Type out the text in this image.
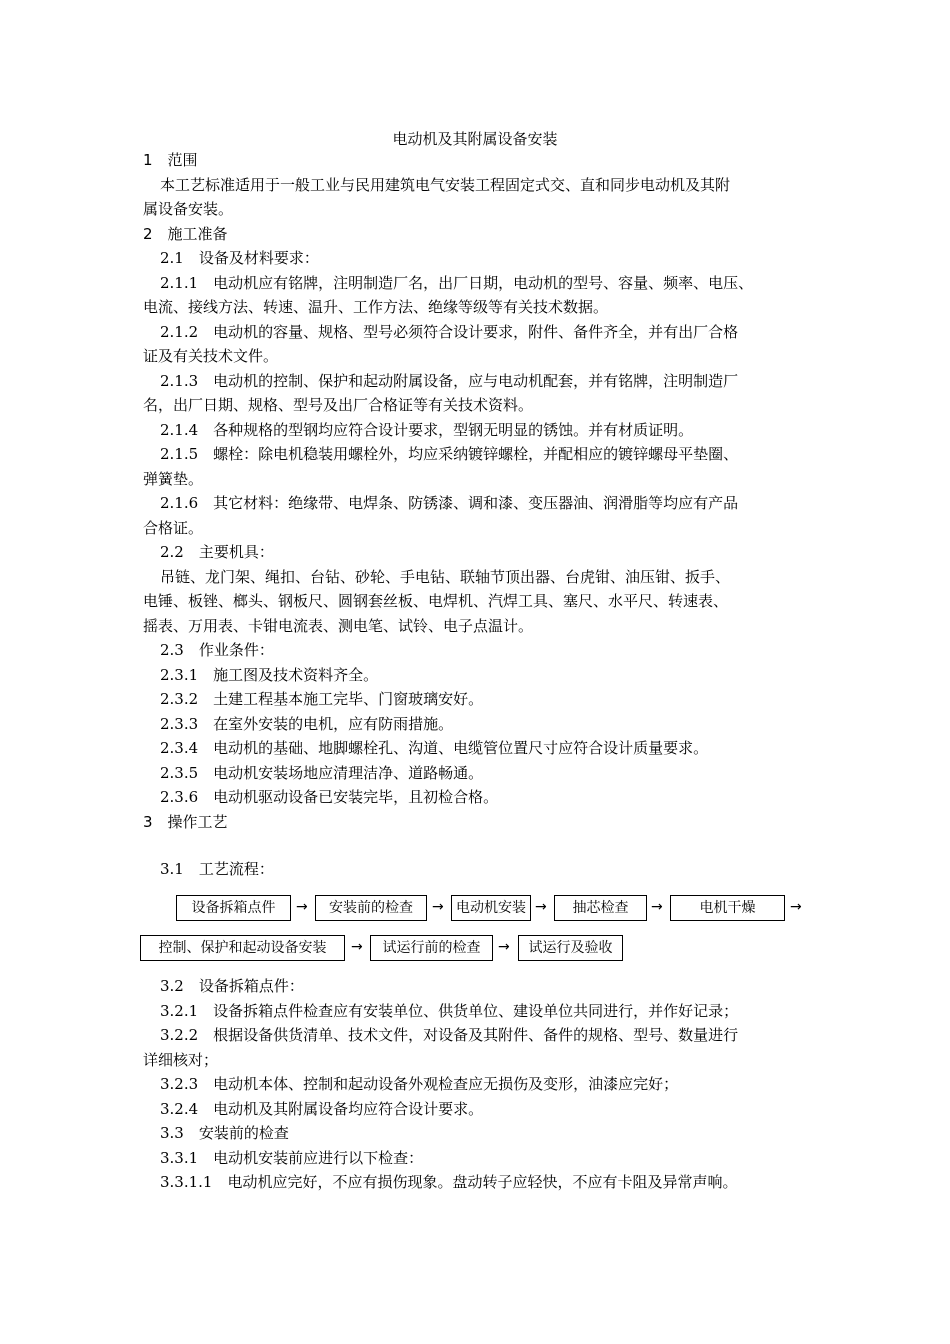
电动机及其附属设备安装
1　范围
本工艺标准适用于一般工业与民用建筑电气安装工程固定式交、直和同步电动机及其附
属设备安装。
2　施工准备
2.1　设备及材料要求：
2.1.1　电动机应有铭牌，注明制造厂名，出厂日期，电动机的型号、容量、频率、电压、
电流、接线方法、转速、温升、工作方法、绝缘等级等有关技术数据。
2.1.2　电动机的容量、规格、型号必须符合设计要求，附件、备件齐全，并有出厂合格
证及有关技术文件。
2.1.3　电动机的控制、保护和起动附属设备，应与电动机配套，并有铭牌，注明制造厂
名，出厂日期、规格、型号及出厂合格证等有关技术资料。
2.1.4　各种规格的型钢均应符合设计要求，型钢无明显的锈蚀。并有材质证明。
2.1.5　螺栓：除电机稳装用螺栓外，均应采纳镀锌螺栓，并配相应的镀锌螺母平垫圈、
弹簧垫。
2.1.6　其它材料：绝缘带、电焊条、防锈漆、调和漆、变压器油、润滑脂等均应有产品
合格证。
2.2　主要机具：
吊链、龙门架、绳扣、台钻、砂轮、手电钻、联轴节顶出器、台虎钳、油压钳、扳手、
电锤、板锉、榔头、钢板尺、圆钢套丝板、电焊机、汽焊工具、塞尺、水平尺、转速表、
摇表、万用表、卡钳电流表、测电笔、试铃、电子点温计。
2.3　作业条件：
2.3.1　施工图及技术资料齐全。
2.3.2　土建工程基本施工完毕、门窗玻璃安好。
2.3.3　在室外安装的电机，应有防雨措施。
2.3.4　电动机的基础、地脚螺栓孔、沟道、电缆管位置尺寸应符合设计质量要求。
2.3.5　电动机安装场地应清理洁净、道路畅通。
2.3.6　电动机驱动设备已安装完毕，且初检合格。
3　操作工艺
3.1　工艺流程：
设备拆箱点件	→	安装前的检查	→ 电动机安装 →	抽芯检查	→	电机干燥	→
控制、保护和起动设备安装	→	试运行前的检查	→	试运行及验收
3.2　设备拆箱点件：
3.2.1　设备拆箱点件检查应有安装单位、供货单位、建设单位共同进行，并作好记录；
3.2.2　根据设备供货清单、技术文件，对设备及其附件、备件的规格、型号、数量进行
详细核对；
3.2.3　电动机本体、控制和起动设备外观检查应无损伤及变形，油漆应完好；
3.2.4　电动机及其附属设备均应符合设计要求。
3.3　安装前的检查
3.3.1　电动机安装前应进行以下检查：
3.3.1.1　电动机应完好，不应有损伤现象。盘动转子应轻快，不应有卡阻及异常声响。
